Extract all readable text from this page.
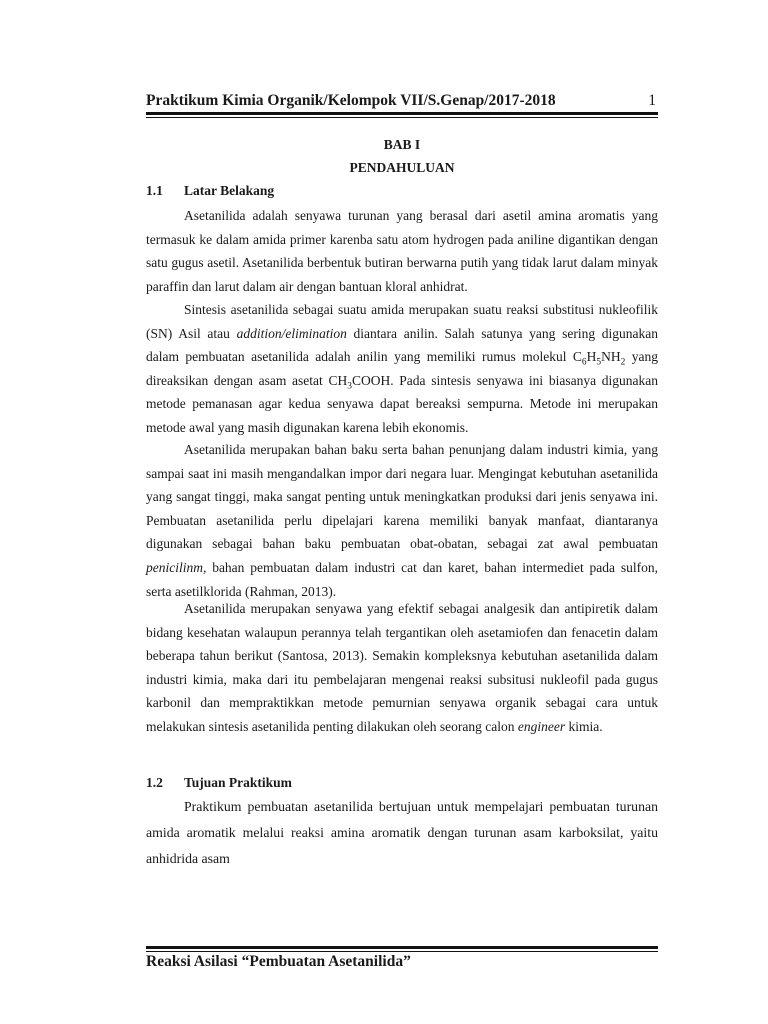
Praktikum Kimia Organik/Kelompok VII/S.Genap/2017-2018	1
BAB I
PENDAHULUAN
1.1 Latar Belakang

Asetanilida adalah senyawa turunan yang berasal dari asetil amina aromatis yang termasuk ke dalam amida primer karenba satu atom hydrogen pada aniline digantikan dengan satu gugus asetil. Asetanilida berbentuk butiran berwarna putih yang tidak larut dalam minyak paraffin dan larut dalam air dengan bantuan kloral anhidrat.

Sintesis asetanilida sebagai suatu amida merupakan suatu reaksi substitusi nukleofilik (SN) Asil atau addition/elimination diantara anilin. Salah satunya yang sering digunakan dalam pembuatan asetanilida adalah anilin yang memiliki rumus molekul $C_6H_5NH_2$ yang direaksikan dengan asam asetat $CH_3COOH$. Pada sintesis senyawa ini biasanya digunakan metode pemanasan agar kedua senyawa dapat bereaksi sempurna. Metode ini merupakan metode awal yang masih digunakan karena lebih ekonomis.

Asetanilida merupakan bahan baku serta bahan penunjang dalam industri kimia, yang sampai saat ini masih mengandalkan impor dari negara luar. Mengingat kebutuhan asetanilida yang sangat tinggi, maka sangat penting untuk meningkatkan produksi dari jenis senyawa ini. Pembuatan asetanilida perlu dipelajari karena memiliki banyak manfaat, diantaranya digunakan sebagai bahan baku pembuatan obat-obatan, sebagai zat awal pembuatan penicilinm, bahan pembuatan dalam industri cat dan karet, bahan intermediet pada sulfon, serta asetilklorida (Rahman, 2013).

Asetanilida merupakan senyawa yang efektif sebagai analgesik dan antipiretik dalam bidang kesehatan walaupun perannya telah tergantikan oleh asetamiofen dan fenacetin dalam beberapa tahun berikut (Santosa, 2013). Semakin kompleksnya kebutuhan asetanilida dalam industri kimia, maka dari itu pembelajaran mengenai reaksi subsitusi nukleofil pada gugus karbonil dan mempraktikkan metode pemurnian senyawa organik sebagai cara untuk melakukan sintesis asetanilida penting dilakukan oleh seorang calon engineer kimia.

1.2 Tujuan Praktikum

Praktikum pembuatan asetanilida bertujuan untuk mempelajari pembuatan turunan amida aromatik melalui reaksi amina aromatik dengan turunan asam karboksilat, yaitu anhidrida asam

Reaksi Asilasi “Pembuatan Asetanilida”
